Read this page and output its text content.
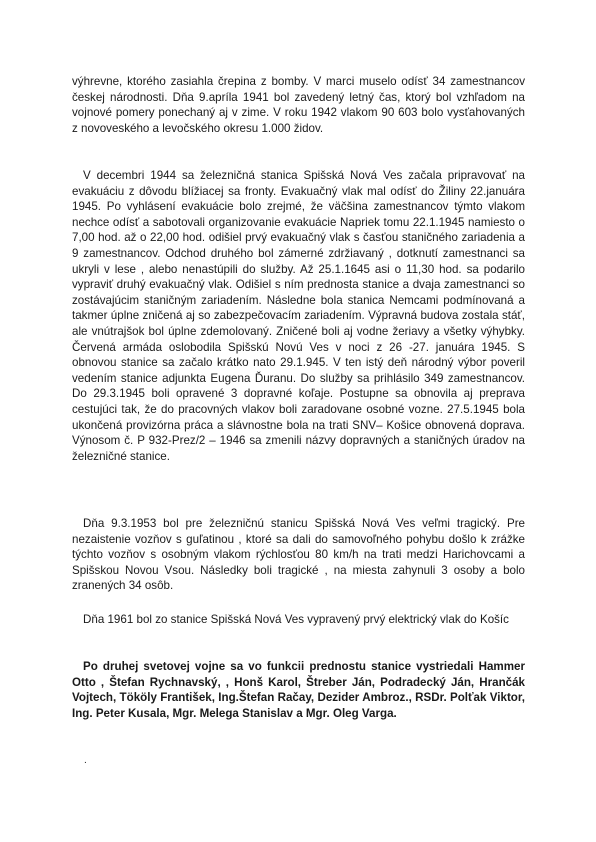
výhrevne, ktorého zasiahla črepina z bomby. V marci muselo odísť 34 zamestnancov českej národnosti. Dňa 9.apríla 1941 bol zavedený letný čas, ktorý bol vzhľadom na vojnové pomery ponechaný aj v zime. V roku 1942 vlakom 90 603 bolo vysťahovaných z novoveského a levočského okresu 1.000 židov.

V decembri 1944 sa železničná stanica Spišská Nová Ves začala pripravovať na evakuáciu z dôvodu blížiacej sa fronty. Evakuačný vlak mal odísť do Žiliny 22.januára 1945. Po vyhlásení evakuácie bolo zrejmé, že väčšina zamestnancov týmto vlakom nechce odísť a sabotovali organizovanie evakuácie Napriek tomu 22.1.1945 namiesto o 7,00 hod. až o 22,00 hod. odišiel prvý evakuačný vlak s časťou staničného zariadenia a 9 zamestnancov. Odchod druhého bol zámerné zdržiavaný , dotknutí zamestnanci sa ukryli v lese , alebo nenastúpili do služby. Až 25.1.1645 asi o 11,30 hod. sa podarilo vypraviť druhý evakuačný vlak. Odišiel s ním prednosta stanice a dvaja zamestnanci so zostávajúcim staničným zariadením. Následne bola stanica Nemcami podmínovaná a takmer úplne zničená aj so zabezpečovacím zariadením. Výpravná budova zostala stáť, ale vnútrajšok bol úplne zdemolovaný. Zničené boli aj vodne žeriavy a všetky výhybky. Červená armáda oslobodila Spišskú Novú Ves v noci z 26 -27. januára 1945. S obnovou stanice sa začalo krátko nato 29.1.945. V ten istý deň národný výbor poveril vedením stanice adjunkta Eugena Ďuranu. Do služby sa prihlásilo 349 zamestnancov. Do 29.3.1945 boli opravené 3 dopravné koľaje. Postupne sa obnovila aj preprava cestujúci tak, že do pracovných vlakov boli zaradovane osobné vozne. 27.5.1945 bola ukončená provizórna práca a slávnostne bola na trati SNV– Košice obnovená doprava. Výnosom č. P 932-Prez/2 – 1946 sa zmenili názvy dopravných a staničných úradov na železničné stanice.

Dňa 9.3.1953 bol pre železničnú stanicu Spišská Nová Ves veľmi tragický. Pre nezaistenie vozňov s guľatinou , ktoré sa dali do samovoľného pohybu došlo k zrážke týchto vozňov s osobným vlakom rýchlosťou 80 km/h na trati medzi Harichovcami a Spišskou Novou Vsou. Následky boli tragické , na miesta zahynuli 3 osoby a bolo zranených 34 osôb.

Dňa 1961 bol zo stanice Spišská Nová Ves vypravený prvý elektrický vlak do Košíc

Po druhej svetovej vojne sa vo funkcii prednostu stanice vystriedali Hammer Otto , Štefan Rychnavský, , Honš Karol, Štreber Ján, Podradecký Ján, Hrančák Vojtech, Tököly František, Ing.Štefan Račay, Dezider Ambroz., RSDr. Polťak Viktor, Ing. Peter Kusala, Mgr. Melega Stanislav a Mgr. Oleg Varga.

.
